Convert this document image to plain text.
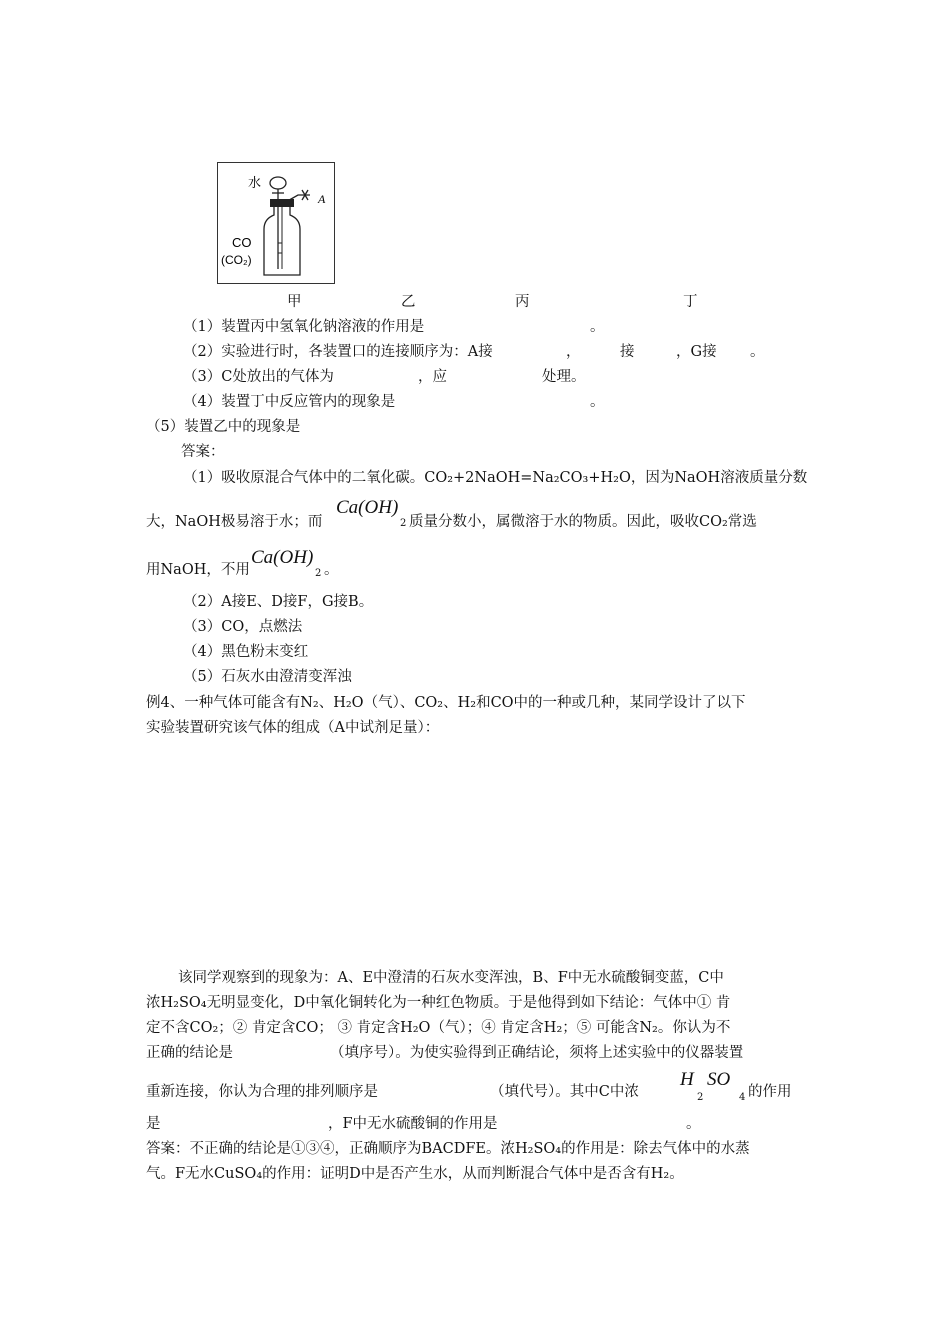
水
A
CO
(CO₂)
甲	乙	丙	丁
（1）装置丙中氢氧化钠溶液的作用是	。
（2）实验进行时，各装置口的连接顺序为：A接	，	接	，G接 。
（3）C处放出的气体为	，应	处理。
（4）装置丁中反应管内的现象是	。
（5）装置乙中的现象是
答案：
（1）吸收原混合气体中的二氧化碳。CO₂+2NaOH=Na₂CO₃+H₂O，因为NaOH溶液质量分数
大，NaOH极易溶于水；而
Ca(OH)
2 质量分数小，属微溶于水的物质。因此，吸收CO₂常选
用NaOH，不用
Ca(OH)
2 。
（2）A接E、D接F，G接B。
（3）CO，点燃法
（4）黑色粉末变红
（5）石灰水由澄清变浑浊
例4、一种气体可能含有N₂、H₂O（气）、CO₂、H₂和CO中的一种或几种，某同学设计了以下
实验装置研究该气体的组成（A中试剂足量）：
该同学观察到的现象为：A、E中澄清的石灰水变浑浊，B、F中无水硫酸铜变蓝，C中
浓H₂SO₄无明显变化，D中氧化铜转化为一种红色物质。于是他得到如下结论：气体中① 肯
定不含CO₂；② 肯定含CO； ③ 肯定含H₂O（气）；④ 肯定含H₂；⑤ 可能含N₂。你认为不
正确的结论是	（填序号）。为使实验得到正确结论，须将上述实验中的仪器装置
重新连接，你认为合理的排列顺序是	（填代号）。其中C中浓
H
2
SO
4 的作用
是	，F中无水硫酸铜的作用是	。
答案：不正确的结论是①③④，正确顺序为BACDFE。浓H₂SO₄的作用是：除去气体中的水蒸
气。F无水CuSO₄的作用：证明D中是否产生水，从而判断混合气体中是否含有H₂。
